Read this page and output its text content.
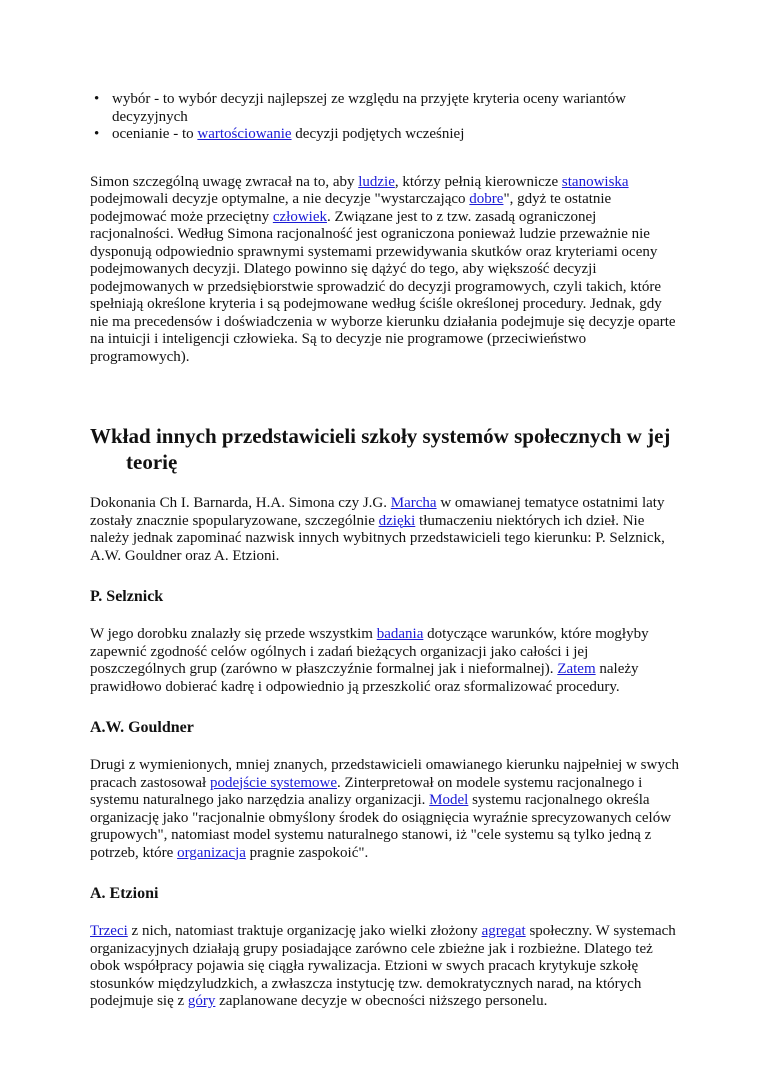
• wybór - to wybór decyzji najlepszej ze względu na przyjęte kryteria oceny wariantów decyzyjnych
• ocenianie - to wartościowanie decyzji podjętych wcześniej

Simon szczególną uwagę zwracał na to, aby ludzie, którzy pełnią kierownicze stanowiska podejmowali decyzje optymalne, a nie decyzje "wystarczająco dobre", gdyż te ostatnie podejmować może przeciętny człowiek. Związane jest to z tzw. zasadą ograniczonej racjonalności. Według Simona racjonalność jest ograniczona ponieważ ludzie przeważnie nie dysponują odpowiednio sprawnymi systemami przewidywania skutków oraz kryteriami oceny podejmowanych decyzji. Dlatego powinno się dążyć do tego, aby większość decyzji podejmowanych w przedsiębiorstwie sprowadzić do decyzji programowych, czyli takich, które spełniają określone kryteria i są podejmowane według ściśle określonej procedury. Jednak, gdy nie ma precedensów i doświadczenia w wyborze kierunku działania podejmuje się decyzje oparte na intuicji i inteligencji człowieka. Są to decyzje nie programowe (przeciwieństwo programowych).

Wkład innych przedstawicieli szkoły systemów społecznych w jej teorię

Dokonania Ch I. Barnarda, H.A. Simona czy J.G. Marcha w omawianej tematyce ostatnimi laty zostały znacznie spopularyzowane, szczególnie dzięki tłumaczeniu niektórych ich dzieł. Nie należy jednak zapominać nazwisk innych wybitnych przedstawicieli tego kierunku: P. Selznick, A.W. Gouldner oraz A. Etzioni.

P. Selznick

W jego dorobku znalazły się przede wszystkim badania dotyczące warunków, które mogłyby zapewnić zgodność celów ogólnych i zadań bieżących organizacji jako całości i jej poszczególnych grup (zarówno w płaszczyźnie formalnej jak i nieformalnej). Zatem należy prawidłowo dobierać kadrę i odpowiednio ją przeszkolić oraz sformalizować procedury.

A.W. Gouldner

Drugi z wymienionych, mniej znanych, przedstawicieli omawianego kierunku najpełniej w swych pracach zastosował podejście systemowe. Zinterpretował on modele systemu racjonalnego i systemu naturalnego jako narzędzia analizy organizacji. Model systemu racjonalnego określa organizację jako "racjonalnie obmyślony środek do osiągnięcia wyraźnie sprecyzowanych celów grupowych", natomiast model systemu naturalnego stanowi, iż "cele systemu są tylko jedną z potrzeb, które organizacja pragnie zaspokoić".

A. Etzioni

Trzeci z nich, natomiast traktuje organizację jako wielki złożony agregat społeczny. W systemach organizacyjnych działają grupy posiadające zarówno cele zbieżne jak i rozbieżne. Dlatego też obok współpracy pojawia się ciągła rywalizacja. Etzioni w swych pracach krytykuje szkołę stosunków międzyludzkich, a zwłaszcza instytucję tzw. demokratycznych narad, na których podejmuje się z góry zaplanowane decyzje w obecności niższego personelu.
